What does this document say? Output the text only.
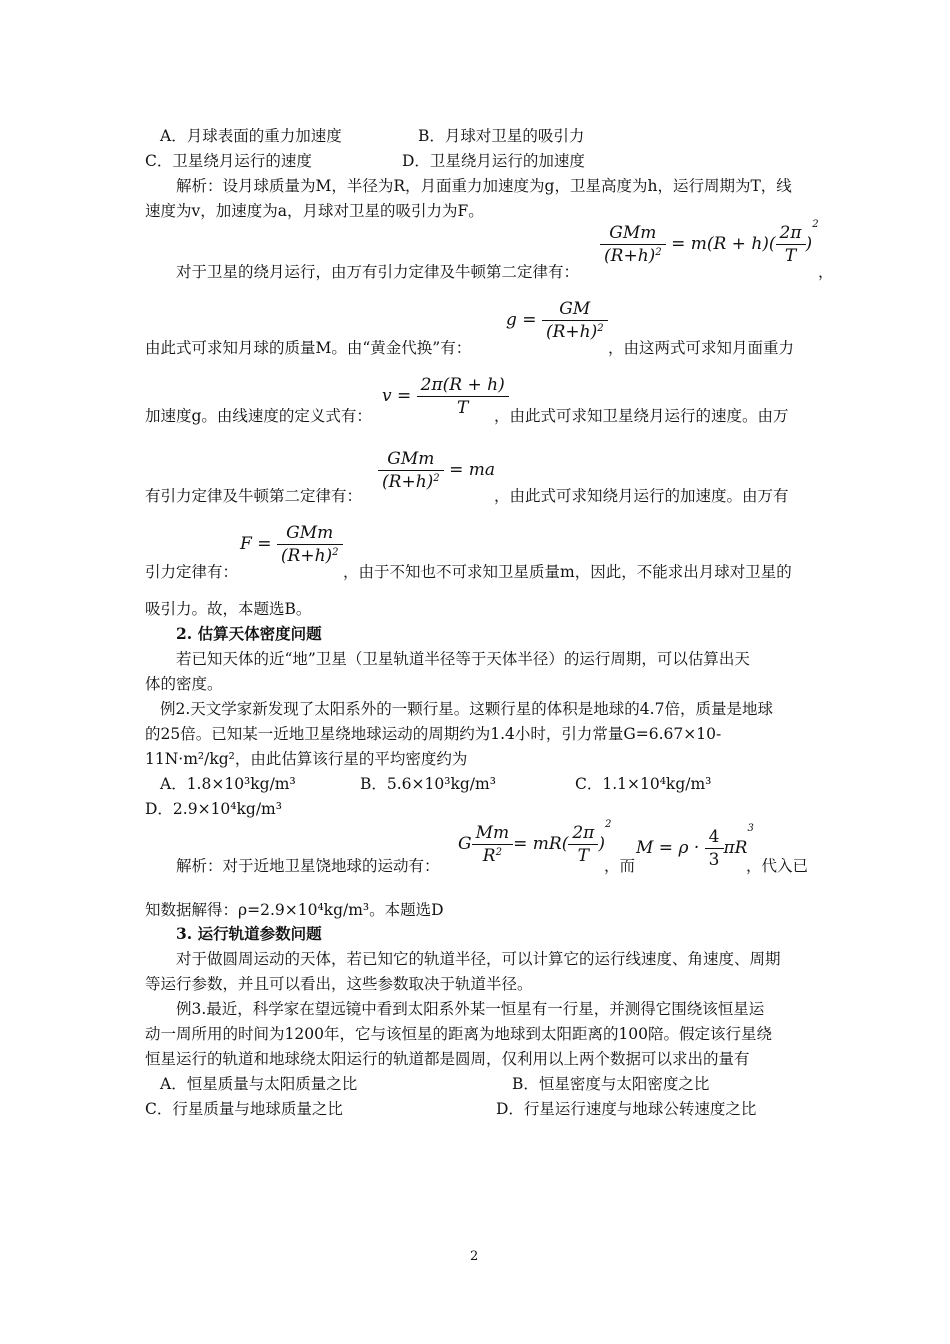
A．月球表面的重力加速度	B．月球对卫星的吸引力
C．卫星绕月运行的速度	D．卫星绕月运行的加速度
解析：设月球质量为M，半径为R，月面重力加速度为g，卫星高度为h，运行周期为T，线
速度为v，加速度为a，月球对卫星的吸引力为F。
$\frac{\text{GMm}}{(R+h)^2} = m(R + h)( \frac{2\pi}{T} )^2$
对于卫星的绕月运行，由万有引力定律及牛顿第二定律有：	，
$g = \frac{GM}{(R+h)^2}$
由此式可求知月球的质量M。由“黄金代换”有：	，由这两式可求知月面重力
$v = \frac{2\pi(R + h)}{T}$
加速度g。由线速度的定义式有：	，由此式可求知卫星绕月运行的速度。由万
$\frac{\text{GMm}}{(R+h)^2}$ = ma
有引力定律及牛顿第二定律有：	，由此式可求知绕月运行的加速度。由万有
$F = \frac{\text{GMm}}{(R+h)^2}$
引力定律有：	，由于不知也不可求知卫星质量m，因此，不能求出月球对卫星的
吸引力。故，本题选B。
2. 估算天体密度问题
若已知天体的近“地”卫星（卫星轨道半径等于天体半径）的运行周期，可以估算出天
体的密度。
例2.天文学家新发现了太阳系外的一颗行星。这颗行星的体积是地球的4.7倍，质量是地球
的25倍。已知某一近地卫星绕地球运动的周期约为1.4小时，引力常量G=6.67×10-
11N·m²/kg²，由此估算该行星的平均密度约为
A．1.8×10³kg/m³	B．5.6×10³kg/m³	C．1.1×10⁴kg/m³
D．2.9×10⁴kg/m³
G $\frac{Mm}{R^2} = mR( \frac{2\pi}{T} )^2$
$M = \rho \cdot \frac{4}{3} \pi R^3$
解析：对于近地卫星饶地球的运动有：	，而	，代入已
知数据解得：ρ=2.9×10⁴kg/m³。本题选D
3. 运行轨道参数问题
对于做圆周运动的天体，若已知它的轨道半径，可以计算它的运行线速度、角速度、周期
等运行参数，并且可以看出，这些参数取决于轨道半径。
例3.最近，科学家在望远镜中看到太阳系外某一恒星有一行星，并测得它围绕该恒星运
动一周所用的时间为1200年，它与该恒星的距离为地球到太阳距离的100陪。假定该行星绕
恒星运行的轨道和地球绕太阳运行的轨道都是圆周，仅利用以上两个数据可以求出的量有
A．恒星质量与太阳质量之比	B．恒星密度与太阳密度之比
C．行星质量与地球质量之比	D．行星运行速度与地球公转速度之比
2
